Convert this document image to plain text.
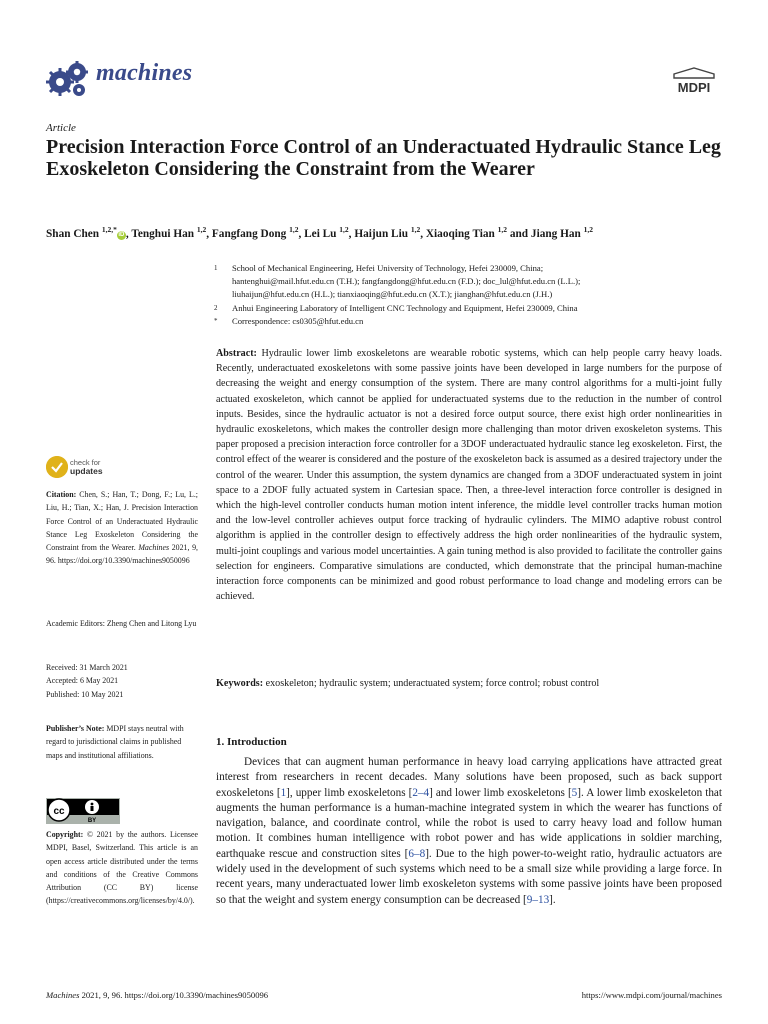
machines
MDPI
Article
Precision Interaction Force Control of an Underactuated Hydraulic Stance Leg Exoskeleton Considering the Constraint from the Wearer
Shan Chen $^{1,2,*}$iD , Tenghui Han $^{1,2}$, Fangfang Dong $^{1,2}$, Lei Lu $^{1,2}$, Haijun Liu $^{1,2}$, Xiaoqing Tian $^{1,2}$ and Jiang Han $^{1,2}$
1	School of Mechanical Engineering, Hefei University of Technology, Hefei 230009, China;
hantenghui@mail.hfut.edu.cn (T.H.); fangfangdong@hfut.edu.cn (F.D.); doc_lul@hfut.edu.cn (L.L.);
liuhaijun@hfut.edu.cn (H.L.); tianxiaoqing@hfut.edu.cn (X.T.); jianghan@hfut.edu.cn (J.H.)
2	Anhui Engineering Laboratory of Intelligent CNC Technology and Equipment, Hefei 230009, China
*	Correspondence: cs0305@hfut.edu.cn
Abstract: Hydraulic lower limb exoskeletons are wearable robotic systems, which can help people carry heavy loads. Recently, underactuated exoskeletons with some passive joints have been developed in large numbers for the purpose of decreasing the weight and energy consumption of the system. There are many control algorithms for a multi-joint fully actuated exoskeleton, which cannot be applied for underactuated systems due to the reduction in the number of control inputs. Besides, since the hydraulic actuator is not a desired force output source, there exist high order nonlinearities in hydraulic exoskeletons, which makes the controller design more challenging than motor driven exoskeleton systems. This paper proposed a precision interaction force controller for a 3DOF underactuated hydraulic stance leg exoskeleton. First, the control effect of the wearer is considered and the posture of the exoskeleton back is assumed as a desired trajectory under the control of the wearer. Under this assumption, the system dynamics are changed from a 3DOF underactuated system in joint space to a 2DOF fully actuated system in Cartesian space. Then, a three-level interaction force controller is designed in which the high-level controller conducts human motion intent inference, the middle level controller tracks human motion and the low-level controller achieves output force tracking of hydraulic cylinders. The MIMO adaptive robust control algorithm is applied in the controller design to effectively address the high order nonlinearities of the hydraulic system, multi-joint couplings and various model uncertainties. A gain tuning method is also provided to facilitate the controller gains selection for engineers. Comparative simulations are conducted, which demonstrate that the principal human-machine interaction force components can be minimized and good robust performance to load change and modeling errors can be achieved.
Keywords: exoskeleton; hydraulic system; underactuated system; force control; robust control
check for
updates
Citation: Chen, S.; Han, T.; Dong, F.; Lu, L.; Liu, H.; Tian, X.; Han, J. Precision Interaction Force Control of an Underactuated Hydraulic Stance Leg Exoskeleton Considering the Constraint from the Wearer. Machines 2021, 9, 96. https://doi.org/10.3390/machines9050096
Academic Editors: Zheng Chen and Litong Lyu
Received: 31 March 2021
Accepted: 6 May 2021
Published: 10 May 2021
Publisher’s Note: MDPI stays neutral with regard to jurisdictional claims in published maps and institutional affiliations.
cc
BY
Copyright: © 2021 by the authors. Licensee MDPI, Basel, Switzerland. This article is an open access article distributed under the terms and conditions of the Creative Commons Attribution (CC BY) license (https://creativecommons.org/licenses/by/4.0/).
1. Introduction
Devices that can augment human performance in heavy load carrying applications have attracted great interest from researchers in recent decades. Many solutions have been proposed, such as back support exoskeletons [1], upper limb exoskeletons [2–4] and lower limb exoskeletons [5]. A lower limb exoskeleton that augments the human performance is a human-machine integrated system in which the wearer has functions of navigation, balance, and coordinate control, while the robot is used to carry heavy load and follow human motion. It combines human intelligence with robot power and has wide applications in soldier marching, earthquake rescue and construction sites [6–8]. Due to the high power-to-weight ratio, hydraulic actuators are widely used in the development of such systems which need to be a small size while providing a large force. In recent years, many underactuated lower limb exoskeleton systems with some passive joints have been proposed so that the weight and system energy consumption can be decreased [9–13].
Machines 2021, 9, 96. https://doi.org/10.3390/machines9050096	https://www.mdpi.com/journal/machines
